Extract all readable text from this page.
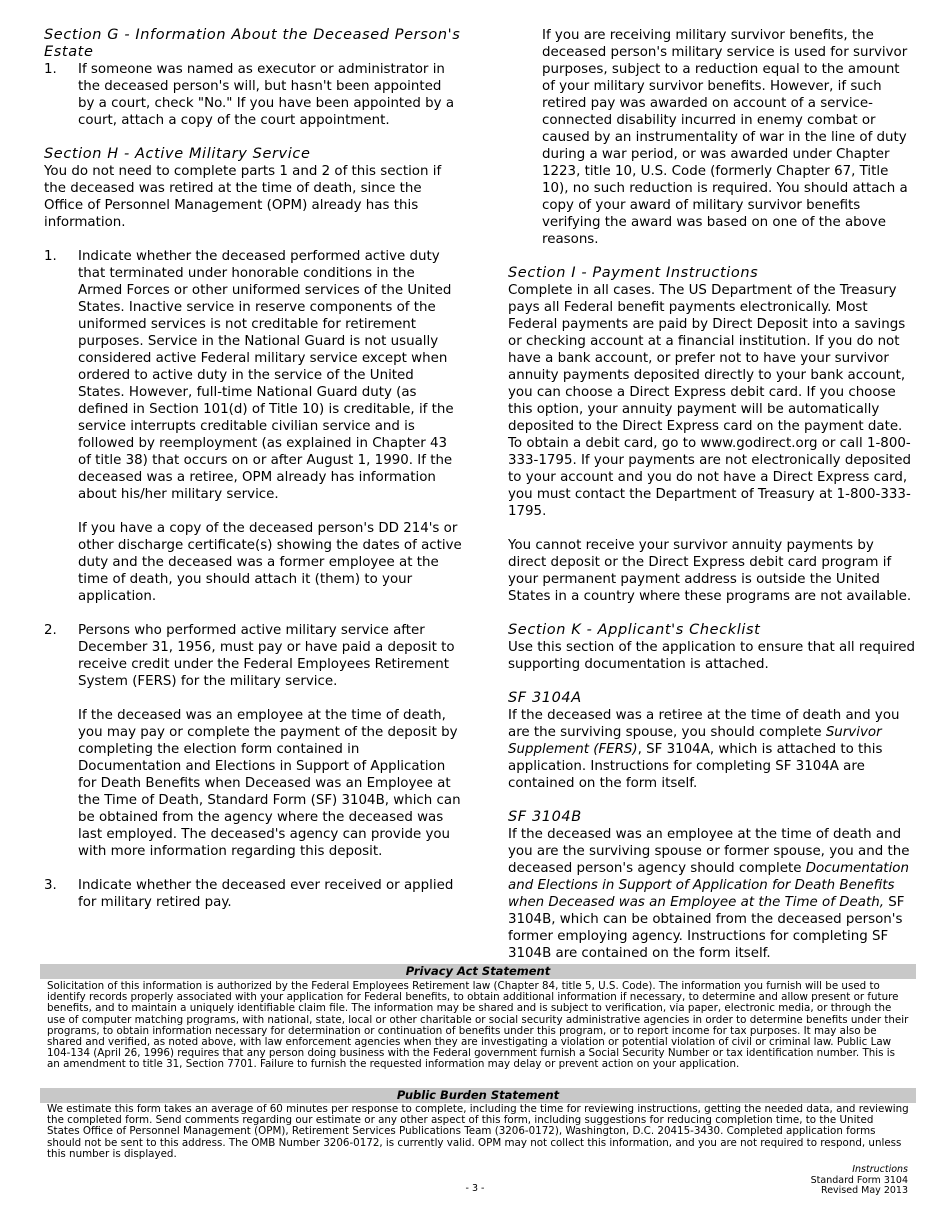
Section G - Information About the Deceased Person's Estate

1.	If someone was named as executor or administrator in the deceased person's will, but hasn't been appointed by a court, check "No." If you have been appointed by a court, attach a copy of the court appointment.

Section H - Active Military Service

You do not need to complete parts 1 and 2 of this section if the deceased was retired at the time of death, since the Office of Personnel Management (OPM) already has this information.

1.	Indicate whether the deceased performed active duty that terminated under honorable conditions in the Armed Forces or other uniformed services of the United States. Inactive service in reserve components of the uniformed services is not creditable for retirement purposes. Service in the National Guard is not usually considered active Federal military service except when ordered to active duty in the service of the United States. However, full-time National Guard duty (as defined in Section 101(d) of Title 10) is creditable, if the service interrupts creditable civilian service and is followed by reemployment (as explained in Chapter 43 of title 38) that occurs on or after August 1, 1990. If the deceased was a retiree, OPM already has information about his/her military service.

If you have a copy of the deceased person's DD 214's or other discharge certificate(s) showing the dates of active duty and the deceased was a former employee at the time of death, you should attach it (them) to your application.

2.	Persons who performed active military service after December 31, 1956, must pay or have paid a deposit to receive credit under the Federal Employees Retirement System (FERS) for the military service.

If the deceased was an employee at the time of death, you may pay or complete the payment of the deposit by completing the election form contained in Documentation and Elections in Support of Application for Death Benefits when Deceased was an Employee at the Time of Death, Standard Form (SF) 3104B, which can be obtained from the agency where the deceased was last employed. The deceased's agency can provide you with more information regarding this deposit.

3.	Indicate whether the deceased ever received or applied for military retired pay.

If you are receiving military survivor benefits, the deceased person's military service is used for survivor purposes, subject to a reduction equal to the amount of your military survivor benefits. However, if such retired pay was awarded on account of a service-connected disability incurred in enemy combat or caused by an instrumentality of war in the line of duty during a war period, or was awarded under Chapter 1223, title 10, U.S. Code (formerly Chapter 67, Title 10), no such reduction is required. You should attach a copy of your award of military survivor benefits verifying the award was based on one of the above reasons.

Section I - Payment Instructions

Complete in all cases. The US Department of the Treasury pays all Federal benefit payments electronically. Most Federal payments are paid by Direct Deposit into a savings or checking account at a financial institution. If you do not have a bank account, or prefer not to have your survivor annuity payments deposited directly to your bank account, you can choose a Direct Express debit card. If you choose this option, your annuity payment will be automatically deposited to the Direct Express card on the payment date. To obtain a debit card, go to www.godirect.org or call 1-800-333-1795. If your payments are not electronically deposited to your account and you do not have a Direct Express card, you must contact the Department of Treasury at 1-800-333-1795.

You cannot receive your survivor annuity payments by direct deposit or the Direct Express debit card program if your permanent payment address is outside the United States in a country where these programs are not available.

Section K - Applicant's Checklist

Use this section of the application to ensure that all required supporting documentation is attached.

SF 3104A

If the deceased was a retiree at the time of death and you are the surviving spouse, you should complete Survivor Supplement (FERS), SF 3104A, which is attached to this application. Instructions for completing SF 3104A are contained on the form itself.

SF 3104B

If the deceased was an employee at the time of death and you are the surviving spouse or former spouse, you and the deceased person's agency should complete Documentation and Elections in Support of Application for Death Benefits when Deceased was an Employee at the Time of Death, SF 3104B, which can be obtained from the deceased person's former employing agency. Instructions for completing SF 3104B are contained on the form itself.

Privacy Act Statement
Solicitation of this information is authorized by the Federal Employees Retirement law (Chapter 84, title 5, U.S. Code). The information you furnish will be used to identify records properly associated with your application for Federal benefits, to obtain additional information if necessary, to determine and allow present or future benefits, and to maintain a uniquely identifiable claim file. The information may be shared and is subject to verification, via paper, electronic media, or through the use of computer matching programs, with national, state, local or other charitable or social security administrative agencies in order to determine benefits under their programs, to obtain information necessary for determination or continuation of benefits under this program, or to report income for tax purposes. It may also be shared and verified, as noted above, with law enforcement agencies when they are investigating a violation or potential violation of civil or criminal law. Public Law 104-134 (April 26, 1996) requires that any person doing business with the Federal government furnish a Social Security Number or tax identification number. This is an amendment to title 31, Section 7701. Failure to furnish the requested information may delay or prevent action on your application.
Public Burden Statement
We estimate this form takes an average of 60 minutes per response to complete, including the time for reviewing instructions, getting the needed data, and reviewing the completed form. Send comments regarding our estimate or any other aspect of this form, including suggestions for reducing completion time, to the United States Office of Personnel Management (OPM), Retirement Services Publications Team (3206-0172), Washington, D.C. 20415-3430. Completed application forms should not be sent to this address. The OMB Number 3206-0172, is currently valid. OPM may not collect this information, and you are not required to respond, unless this number is displayed.
- 3 -
Instructions
Standard Form 3104
Revised May 2013
